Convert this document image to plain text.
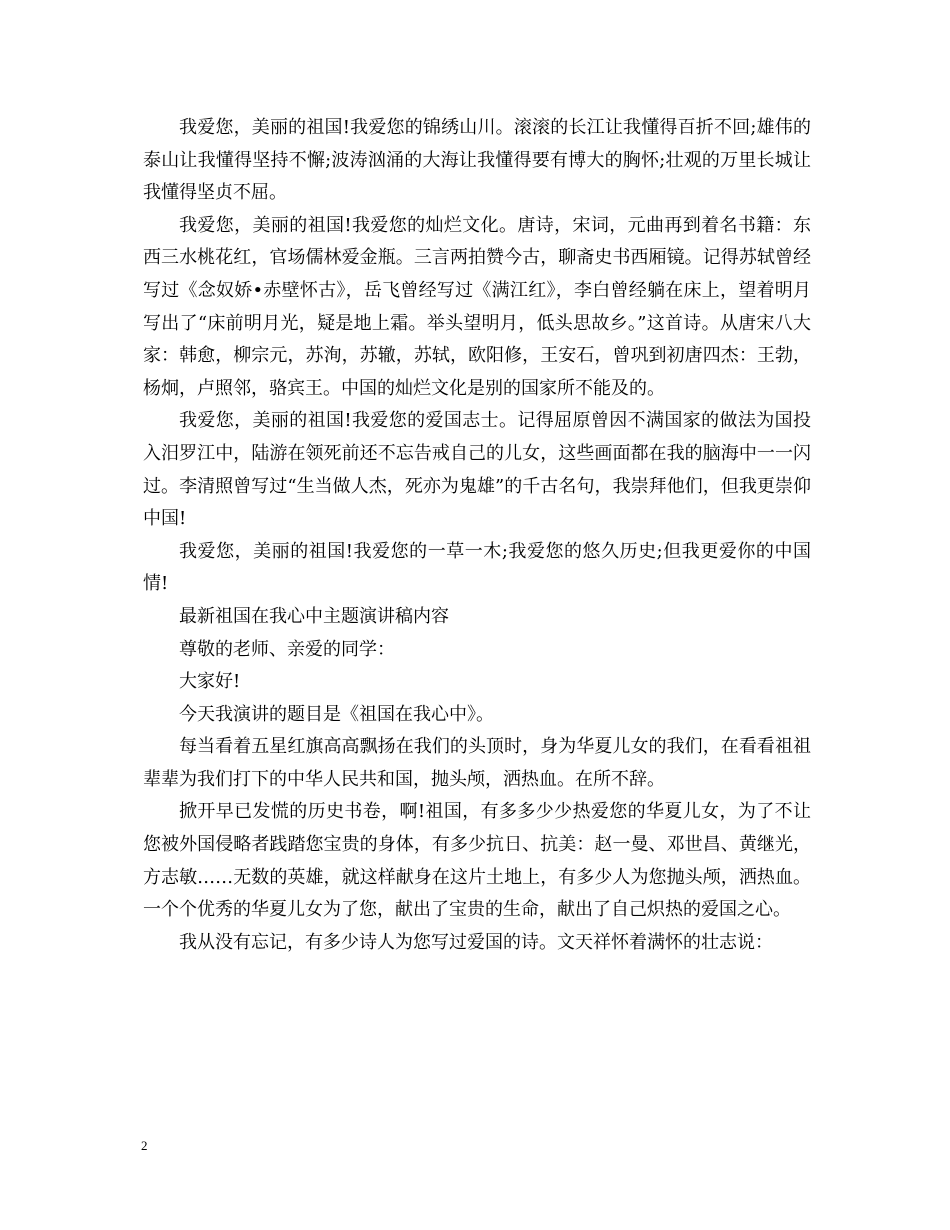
我爱您，美丽的祖国!我爱您的锦绣山川。滚滚的长江让我懂得百折不回;雄伟的泰山让我懂得坚持不懈;波涛汹涌的大海让我懂得要有博大的胸怀;壮观的万里长城让我懂得坚贞不屈。

我爱您，美丽的祖国!我爱您的灿烂文化。唐诗，宋词，元曲再到着名书籍：东西三水桃花红，官场儒林爱金瓶。三言两拍赞今古，聊斋史书西厢镜。记得苏轼曾经写过《念奴娇•赤壁怀古》，岳飞曾经写过《满江红》，李白曾经躺在床上，望着明月写出了“床前明月光，疑是地上霜。举头望明月，低头思故乡。”这首诗。从唐宋八大家：韩愈，柳宗元，苏洵，苏辙，苏轼，欧阳修，王安石，曾巩到初唐四杰：王勃，杨炯，卢照邻，骆宾王。中国的灿烂文化是别的国家所不能及的。

我爱您，美丽的祖国!我爱您的爱国志士。记得屈原曾因不满国家的做法为国投入汨罗江中，陆游在领死前还不忘告戒自己的儿女，这些画面都在我的脑海中一一闪过。李清照曾写过“生当做人杰，死亦为鬼雄”的千古名句，我崇拜他们，但我更崇仰中国!

我爱您，美丽的祖国!我爱您的一草一木;我爱您的悠久历史;但我更爱你的中国情!

最新祖国在我心中主题演讲稿内容

尊敬的老师、亲爱的同学：

大家好!

今天我演讲的题目是《祖国在我心中》。

每当看着五星红旗高高飘扬在我们的头顶时，身为华夏儿女的我们，在看看祖祖辈辈为我们打下的中华人民共和国，抛头颅，洒热血。在所不辞。

掀开早已发慌的历史书卷，啊!祖国，有多多少少热爱您的华夏儿女，为了不让您被外国侵略者践踏您宝贵的身体，有多少抗日、抗美：赵一曼、邓世昌、黄继光，方志敏……无数的英雄，就这样献身在这片土地上，有多少人为您抛头颅，洒热血。一个个优秀的华夏儿女为了您，献出了宝贵的生命，献出了自己炽热的爱国之心。

我从没有忘记，有多少诗人为您写过爱国的诗。文天祥怀着满怀的壮志说：

2
